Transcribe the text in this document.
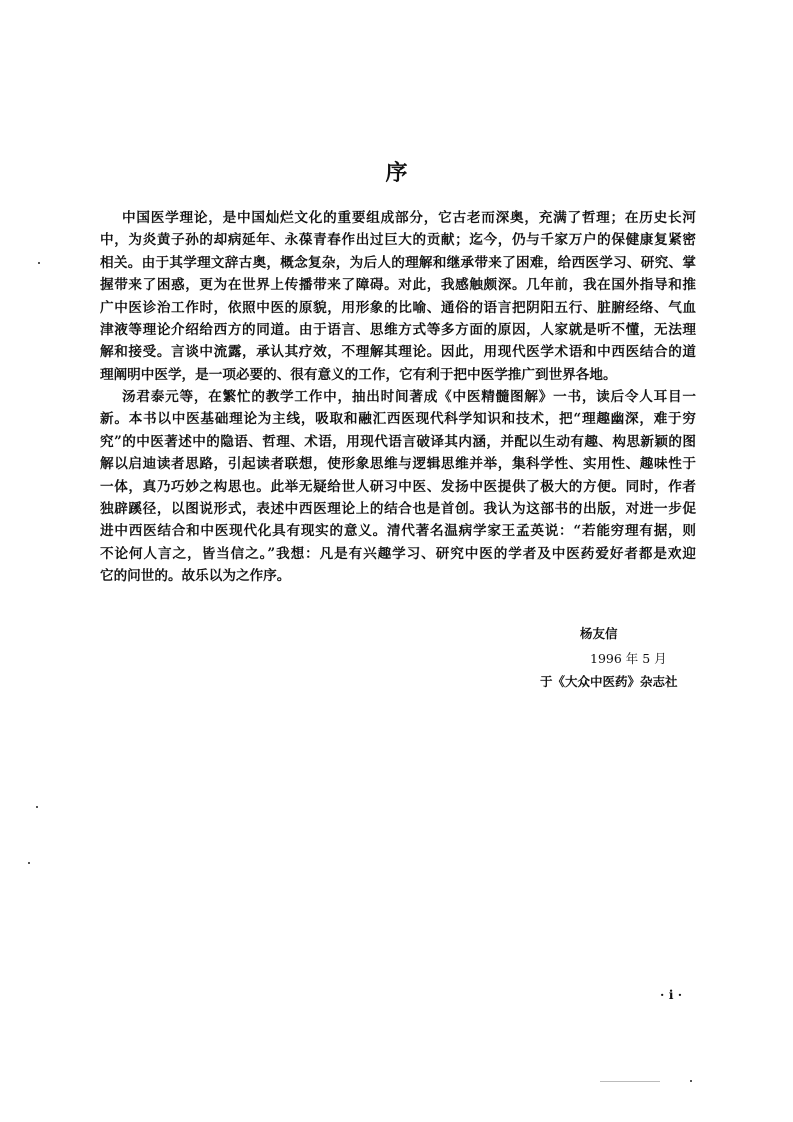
序
中国医学理论，是中国灿烂文化的重要组成部分，它古老而深奥，充满了哲理；在历史长河
中，为炎黄子孙的却病延年、永葆青春作出过巨大的贡献；迄今，仍与千家万户的保健康复紧密
相关。由于其学理文辞古奥，概念复杂，为后人的理解和继承带来了困难，给西医学习、研究、掌
握带来了困惑，更为在世界上传播带来了障碍。对此，我感触颇深。几年前，我在国外指导和推
广中医诊治工作时，依照中医的原貌，用形象的比喻、通俗的语言把阴阳五行、脏腑经络、气血
津液等理论介绍给西方的同道。由于语言、思维方式等多方面的原因，人家就是听不懂，无法理
解和接受。言谈中流露，承认其疗效，不理解其理论。因此，用现代医学术语和中西医结合的道
理阐明中医学，是一项必要的、很有意义的工作，它有利于把中医学推广到世界各地。
汤君泰元等，在繁忙的教学工作中，抽出时间著成《中医精髓图解》一书，读后令人耳目一
新。本书以中医基础理论为主线，吸取和融汇西医现代科学知识和技术，把“理趣幽深，难于穷
究”的中医著述中的隐语、哲理、术语，用现代语言破译其内涵，并配以生动有趣、构思新颖的图
解以启迪读者思路，引起读者联想，使形象思维与逻辑思维并举，集科学性、实用性、趣味性于
一体，真乃巧妙之构思也。此举无疑给世人研习中医、发扬中医提供了极大的方便。同时，作者
独辟蹊径，以图说形式，表述中西医理论上的结合也是首创。我认为这部书的出版，对进一步促
进中西医结合和中医现代化具有现实的意义。清代著名温病学家王孟英说：“若能穷理有据，则
不论何人言之，皆当信之。”我想：凡是有兴趣学习、研究中医的学者及中医药爱好者都是欢迎
它的问世的。故乐以为之作序。
杨友信
1996 年 5 月
于《大众中医药》杂志社
· i ·
